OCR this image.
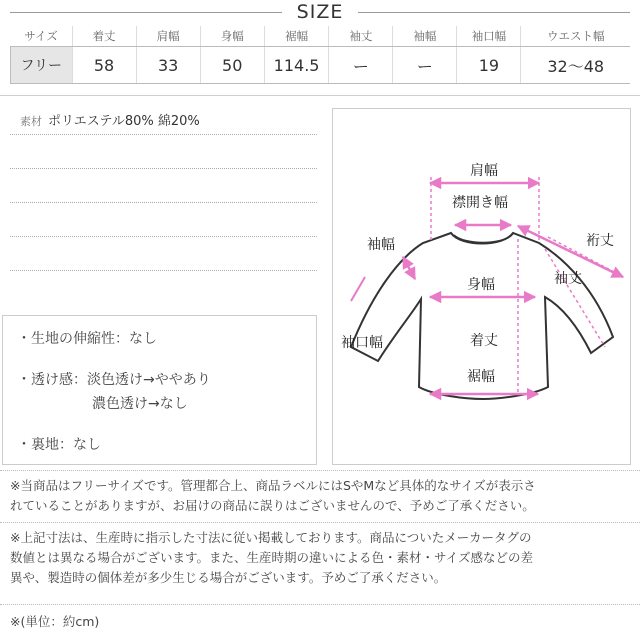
SIZE
サイズ	着丈	肩幅	身幅	裾幅	袖丈	袖幅	袖口幅	ウエスト幅
フリー	58	33	50	114.5	ー	ー	19	32〜48
素材 ポリエステル80% 綿20%
・生地の伸縮性：なし
・透け感：淡色透け→ややあり
濃色透け→なし
・裏地：なし
肩幅
襟開き幅
裄丈
袖幅
袖丈
身幅
袖口幅	着丈
裾幅
※当商品はフリーサイズです。管理都合上、商品ラベルにはSやMなど具体的なサイズが表示さ
れていることがありますが、お届けの商品に誤りはございませんので、予めご了承ください。
※上記寸法は、生産時に指示した寸法に従い掲載しております。商品についたメーカータグの
数値とは異なる場合がございます。また、生産時期の違いによる色・素材・サイズ感などの差
異や、製造時の個体差が多少生じる場合がございます。予めご了承ください。
※(単位：約cm)
